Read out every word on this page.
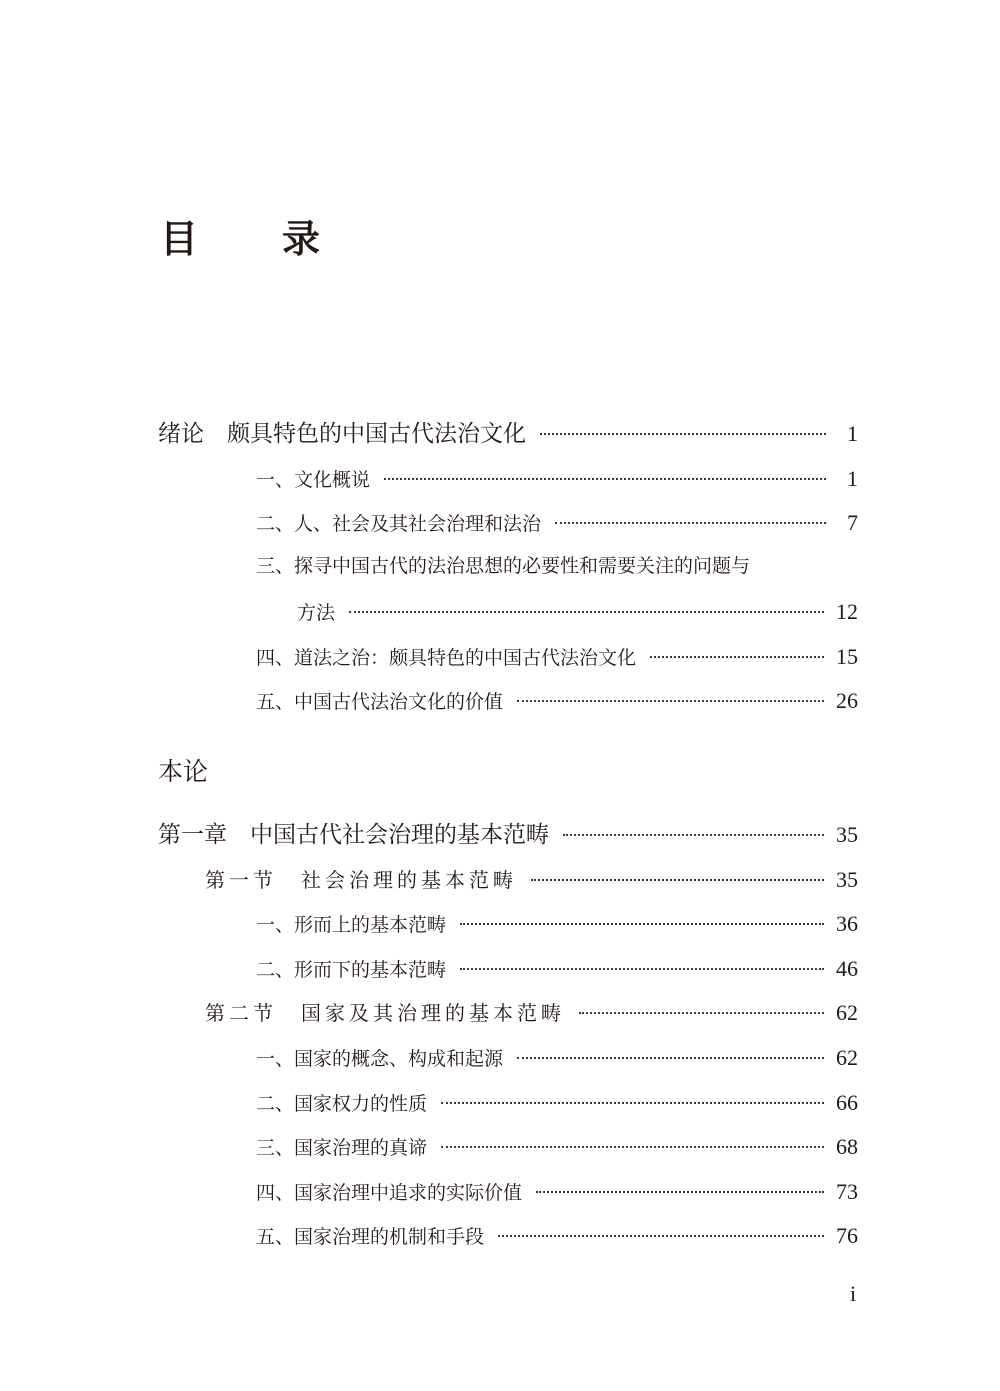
目录
绪论　颇具特色的中国古代法治文化	1
一、文化概说	1
二、人、社会及其社会治理和法治	7
三、探寻中国古代的法治思想的必要性和需要关注的问题与
方法	12
四、道法之治：颇具特色的中国古代法治文化	15
五、中国古代法治文化的价值	26
本论
第一章　中国古代社会治理的基本范畴	35
第一节　社会治理的基本范畴	35
一、形而上的基本范畴	36
二、形而下的基本范畴	46
第二节　国家及其治理的基本范畴	62
一、国家的概念、构成和起源	62
二、国家权力的性质	66
三、国家治理的真谛	68
四、国家治理中追求的实际价值	73
五、国家治理的机制和手段	76
i
